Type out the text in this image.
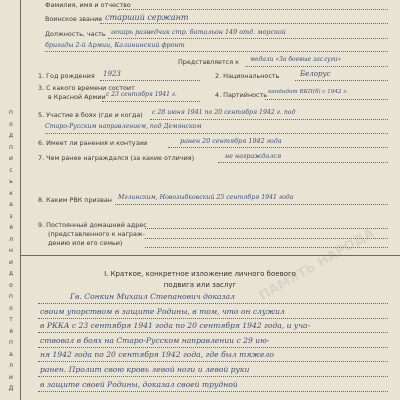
п
о
д
п
и
с
ь
к
а
з
я
л
н
и
д
о
п
о
т
я
п
а
л
и
Д
ПАМЯТЬ НАРОДА
Фамилия, имя и отчество
Воинское звание старший сержант
Должность, часть лекарь разведчик стр. батальон 149 отд. морской
бригады 2-й Армии, Калининский фронт
Представляется к медали «За боевые заслуги»
1. Год рождения 1923	2. Национальность	Белорус
3. С какого времени состоит
в Красной Армии с 23 сентября 1941 г.	4. Партийность кандидат ВКП(б) с 1942 г.
5. Участие в боях (где и когда) с 28 июня 1941 по 20 сентября 1942 г. под
Старо-Русским направлением, под Демянском
6. Имеет ли ранения и контузии	ранен 20 сентября 1942 года
7. Чем ранее награждался (за какие отличия)	не награждался
8. Каким РВК призван Мглинским, Новозыбковский 25 сентября 1941 года
9. Постоянный домашний адрес
(представленного к награж-
дению или его семьи)
I. Краткое, конкретное изложение личного боевого
подвига или заслуг
Гв. Сонкин Михаил Степанович доказал
своим упорством в защите Родины, в том, что он служил
в РККА с 23 сентября 1941 года по 20 сентября 1942 года, и уча-
ствовал в боях на Старо-Русском направлении с 29 ию-
ня 1942 года по 20 сентября 1942 года, где был тяжело
ранен. Пролит свою кровь левой ноги и левой руки
в защите своей Родины, доказал своей трудной
